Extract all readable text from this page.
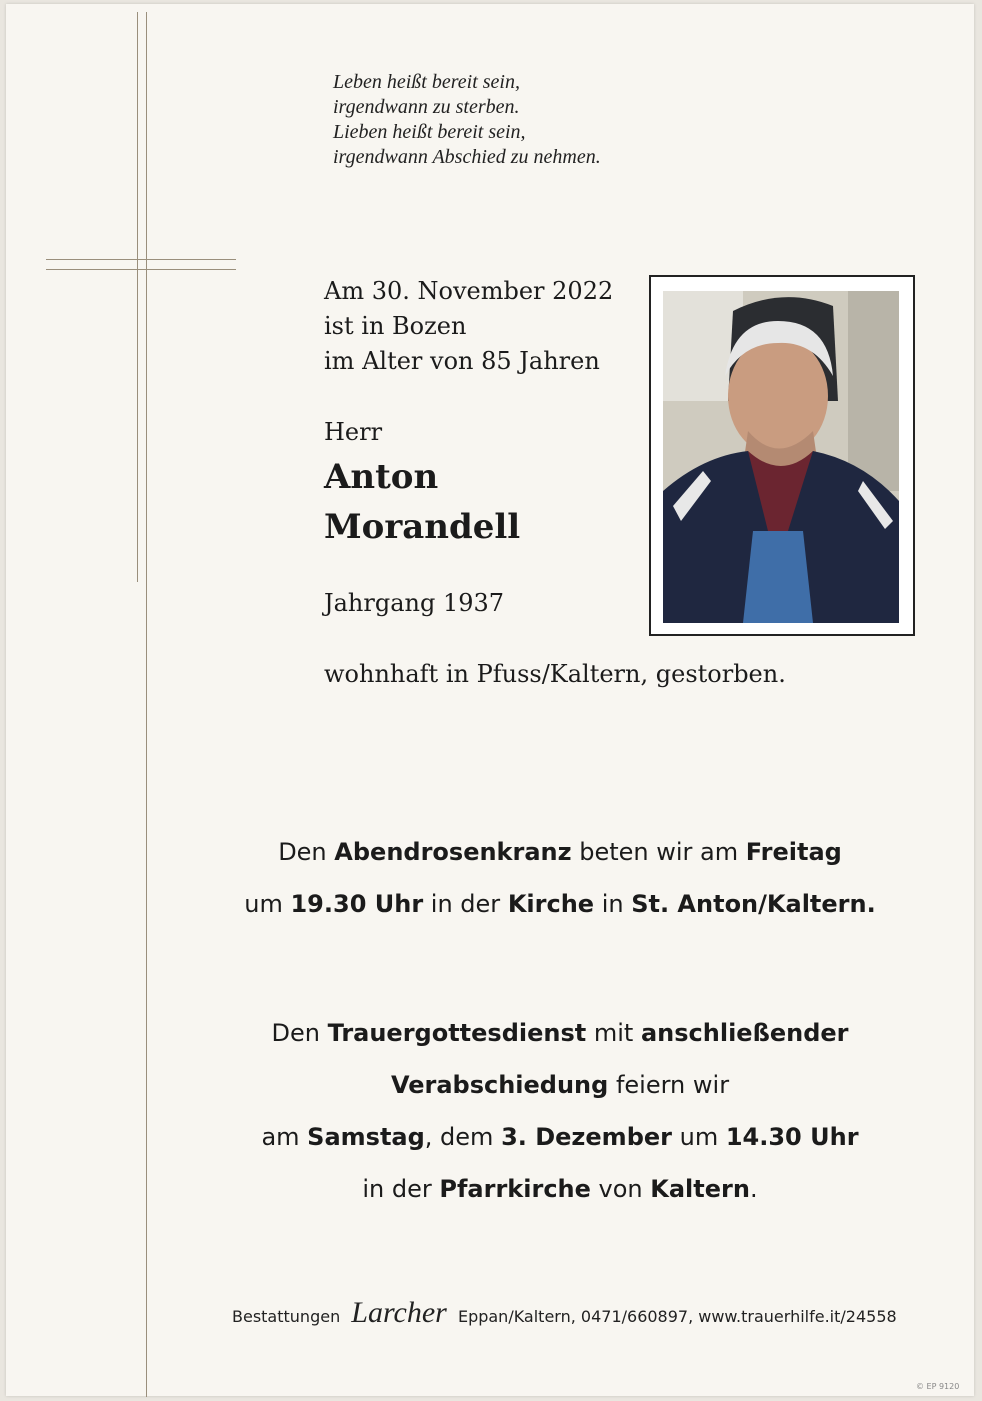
Leben heißt bereit sein,
irgendwann zu sterben.
Lieben heißt bereit sein,
irgendwann Abschied zu nehmen.
Am 30. November 2022
ist in Bozen
im Alter von 85 Jahren
Herr
Anton
Morandell
Jahrgang 1937
wohnhaft in Pfuss/Kaltern, gestorben.

Den Abendrosenkranz beten wir am Freitag

um 19.30 Uhr in der Kirche in St. Anton/Kaltern.

Den Trauergottesdienst mit anschließender

Verabschiedung feiern wir

am Samstag, dem 3. Dezember um 14.30 Uhr

in der Pfarrkirche von Kaltern.

Bestattungen Larcher Eppan/Kaltern, 0471/660897, www.trauerhilfe.it/24558
© EP 9120
